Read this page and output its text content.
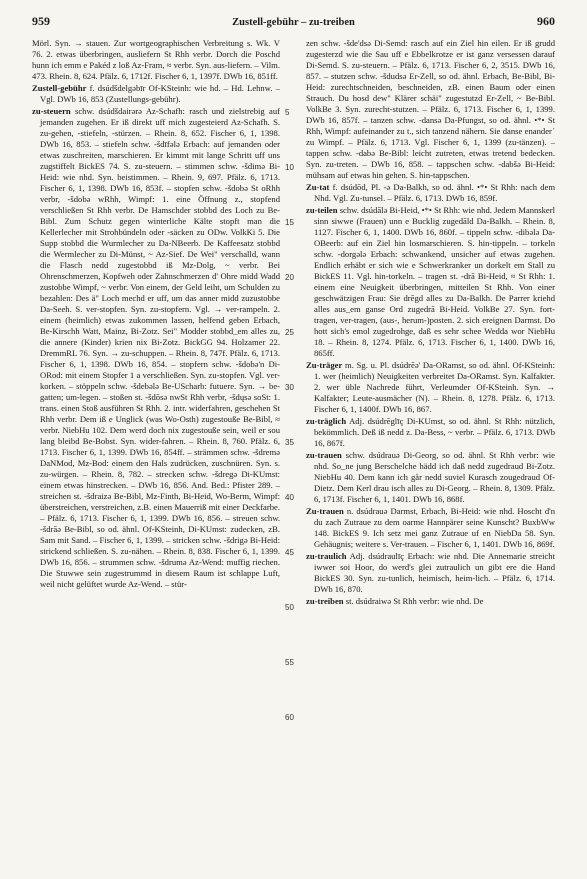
959	Zustell-gebühr – zu-treiben	960

Mörl. Syn. → stauen. Zur wortgeographischen Verbreitung s. Wk. V 76. 2. etwas überbringen, ausliefern St Rhh verbr. Dorch die Poschd hunn ich emm e Pakéd z loß Az-Fram, ≈ verbr. Syn. aus-liefern. – Vilm. 473. Rhein. 8, 624. Pfälz. 6, 1712f. Fischer 6, 1, 1397f. DWb 16, 851ff.

Zustell-gebühr f. dsúdšdelgəbīr Of-KSteinh: wie hd. – Hd. Lehnw. – Vgl. DWb 16, 853 (Zustellungs-gebühr).

zu-steuern schw. dsúdšdairərə Az-Schafh: rasch und zielstrebig auf jemanden zugehen. Er iß direkt uff mich zugesteierd Az-Schafh. S. zu-gehen, -stiefeln, -stürzen. – Rhein. 8, 652. Fischer 6, 1, 1398. DWb 16, 853. – stiefeln schw. -šdīfələ Erbach: auf jemanden oder etwas zuschreiten, marschieren. Er kimmt mit lange Schritt uff uns zugstiffelt BickES 74. S. zu-steuern. – stimmen schw. -šdimə Bi-Heid: wie nhd. Syn. beistimmen. – Rhein. 9, 697. Pfälz. 6, 1713. Fischer 6, 1, 1398. DWb 16, 853f. – stopfen schw. -šdobə St oRhh verbr, -šdobə wRhh, Wimpf: 1. eine Öffnung z., stopfend verschließen St Rhh verbr. De Hamschder stobbd des Loch zu Be-Bibl. Zum Schutz gegen winterliche Kälte stopft man die Kellerlecher mit Strohbündeln oder -säcken zu ODw. VolkKi 5. Die Supp stobbd die Wurmlecher zu Da-NBeerb. De Kaffeesatz stobbd die Wermlecher zu Di-Münst, ~ Az-Sief. De Wei" verschalld, wann die Flasch nedd zugestobbd iß Mz-Dolg, ~ verbr. Bei Ohrenschmerzen, Kopfweh oder Zahnschmerzen d' Ohre midd Wadd zustobbe Wimpf, ~ verbr. Von einem, der Geld leiht, um Schulden zu bezahlen: Des ä" Loch mechd er uff, um das anner midd zuzustobbe Da-Seeh. S. ver-stopfen. Syn. zu-stopfern. Vgl. → ver-rampeln. 2. einem (heimlich) etwas zukommen lassen, helfend geben Erbach, Be-Kirschh Watt, Mainz, Bi-Zotz. Sei" Modder stobbd_em alles zu, die annere (Kinder) krien nix Bi-Zotz. BickGG 94. Holzamer 22. DremmRL 76. Syn. → zu-schuppen. – Rhein. 8, 747f. Pfälz. 6, 1713. Fischer 6, 1, 1398. DWb 16, 854. – stopfern schw. -šdobə'n Di-ORod: mit einem Stopfer 1 a verschließen. Syn. zu-stopfen. Vgl. ver-korken. – stöppeln schw. -šdebələ Be-UScharb: futuere. Syn. → be-gatten; um-legen. – stoßen st. -šdōsə nwSt Rhh verbr, -šdųsə soSt: 1. trans. einen Stoß ausführen St Rhh. 2. intr. widerfahren, geschehen St Rhh verbr. Dem iß e Unglick (was Wo-Osth) zugestouße Be-Bibl, ≈ verbr. NiebHu 102. Dem werd doch nix zugestouße sein, weil er sou lang bleibd Be-Bobst. Syn. wider-fahren. – Rhein. 8, 760. Pfälz. 6, 1713. Fischer 6, 1, 1399. DWb 16, 854ff. – strämmen schw. -šdremə DaNMod, Mz-Bod: einem den Hals zudrücken, zuschnüren. Syn. s. zu-würgen. – Rhein. 8, 782. – strecken schw. -šdregə Di-KUmst: einem etwas hinstrecken. – DWb 16, 856. And. Bed.: Pfister 289. – streichen st. -šdraizə Be-Bibl, Mz-Finth, Bi-Heid, Wo-Berm, Wimpf: überstreichen, verstreichen, z.B. einen Mauerriß mit einer Deckfarbe. – Pfälz. 6, 1713. Fischer 6, 1, 1399. DWb 16, 856. – streuen schw. -šdrāə Be-Bibl, so od. ähnl. Of-KSteinh, Di-KUmst: zudecken, zB. Sam mit Sand. – Fischer 6, 1, 1399. – stricken schw. -šdrigə Bi-Heid: strickend schließen. S. zu-nähen. – Rhein. 8, 838. Fischer 6, 1, 1399. DWb 16, 856. – strummen schw. -šdrumə Az-Wend: muffig riechen. Die Stuwwe sein zugestrummd in diesem Raum ist schlappe Luft, weil nicht gelüftet wurde Az-Wend. – stür-

5
10
15
20
25
30
35
40
45
50
55
60

zen schw. -šde'dsə Di-Semd: rasch auf ein Ziel hin eilen. Er iß grudd zugesterzd wie die Sau uff e Ebbelkrotze er ist ganz versessen darauf Di-Semd. S. zu-steuern. – Pfälz. 6, 1713. Fischer 6, 2, 3515. DWb 16, 857. – stutzen schw. -šdudsə Er-Zell, so od. ähnl. Erbach, Be-Bibl, Bi-Heid: zurechtschneiden, beschneiden, zB. einen Baum oder einen Strauch. Du hosd dew" Klärer schäi" zugestutzd Er-Zell, ~ Be-Bibl. VolkBe 3. Syn. zurecht-stutzen. – Pfälz. 6, 1713. Fischer 6, 1, 1399. DWb 16, 857f. – tanzen schw. -dansə Da-Pfungst, so od. ähnl. •*• St Rhh, Wimpf: aufeinander zu t., sich tanzend nähern. Sie danse enanderˊ zu Wimpf. – Pfälz. 6, 1713. Vgl. Fischer 6, 1, 1399 (zu-tänzen). – tappen schw. -dabə Be-Bibl: leicht zutreten, etwas tretend bedecken. Syn. zu-treten. – DWb 16, 858. – tappschen schw. -dabšə Bi-Heid: mühsam auf etwas hin gehen. S. hin-tappschen.

Zu-tat f. dsúdōd, Pl. -ə Da-Balkh, so od. ähnl. •*• St Rhh: nach dem Nhd. Vgl. Zu-tunsel. – Pfälz. 6, 1713. DWb 16, 859f.

zu-teilen schw. dsúdālə Bi-Heid, •*• St Rhh: wie nhd. Jedem Mannskerl sinn siwwe (Frauen) unn e Bucklig zugedāld Da-Balkh. – Rhein. 8, 1127. Fischer 6, 1, 1400. DWb 16, 860f. – tippeln schw. -dibələ Da-OBeerb: auf ein Ziel hin losmarschieren. S. hin-tippeln. – torkeln schw. -dorgələ Erbach: schwankend, unsicher auf etwas zugehen. Endlich erhäbt er sich wie e Schwerkranker un dorkelt em Stall zu BickES 11. Vgl. hin-torkeln. – tragen st. -drā Bi-Heid, ≈ St Rhh: 1. einem eine Neuigkeit überbringen, mitteilen St Rhh. Von einer geschwätzigen Frau: Sie drēgd alles zu Da-Balkh. De Parrer kriehd alles aus_em ganse Ord zugedrā Bi-Heid. VolkBe 27. Syn. fort-tragen, ver-tragen, (aus-, herum-)posten. 2. sich ereignen Darmst. Do hott sich's emol zugedrohge, daß es sehr schee Wedda wor NiebHu 18. – Rhein. 8, 1274. Pfälz. 6, 1713. Fischer 6, 1, 1400. DWb 16, 865ff.

Zu-träger m. Sg. u. Pl. dsúdrēə' Da-ORamst, so od. ähnl. Of-KSteinh: 1. wer (heimlich) Neuigkeiten verbreitet Da-ORamst. Syn. Kalfakter. 2. wer üble Nachrede führt, Verleumder Of-KSteinh. Syn. → Kalfakter; Leute-ausmächer (N). – Rhein. 8, 1278. Pfälz. 6, 1713. Fischer 6, 1, 1400f. DWb 16, 867.

zu-träglich Adj. dsúdrēglīç Di-KUmst, so od. ähnl. St Rhh: nützlich, bekömmlich. Deß iß nedd z. Da-Bess, ~ verbr. – Pfälz. 6, 1713. DWb 16, 867f.

zu-trauen schw. dsúdrauə Di-Georg, so od. ähnl. St Rhh verbr: wie nhd. So_ne jung Berschelche hädd ich daß nedd zugedraud Bi-Zotz. NiebHu 40. Dem kann ich går nedd suviel Kurasch zougedraud Of-Dietz. Dem Kerl drau isch alles zu Di-Georg. – Rhein. 8, 1309. Pfälz. 6, 1713f. Fischer 6, 1, 1401. DWb 16, 868f.

Zu-trauen n. dsúdrauə Darmst, Erbach, Bi-Heid: wie nhd. Hoscht d'n du zach Zutraue zu dem oarme Hannpärer seine Kunscht? BuxbWw 148. BickES 9. Ich setz mei ganz Zutraue uf en NiebDa 58. Syn. Gehäugnis; weitere s. Ver-trauen. – Fischer 6, 1, 1401. DWb 16, 869f.

zu-traulich Adj. dsúdraulīç Erbach: wie nhd. Die Annemarie streicht iwwer soi Hoor, do werd's glei zutraulich un gibt ere die Hand BickES 30. Syn. zu-tunlich, heimisch, heim-lich. – Pfälz. 6, 1714. DWb 16, 870.

zu-treiben st. dsúdraiwə St Rhh verbr: wie nhd. De
